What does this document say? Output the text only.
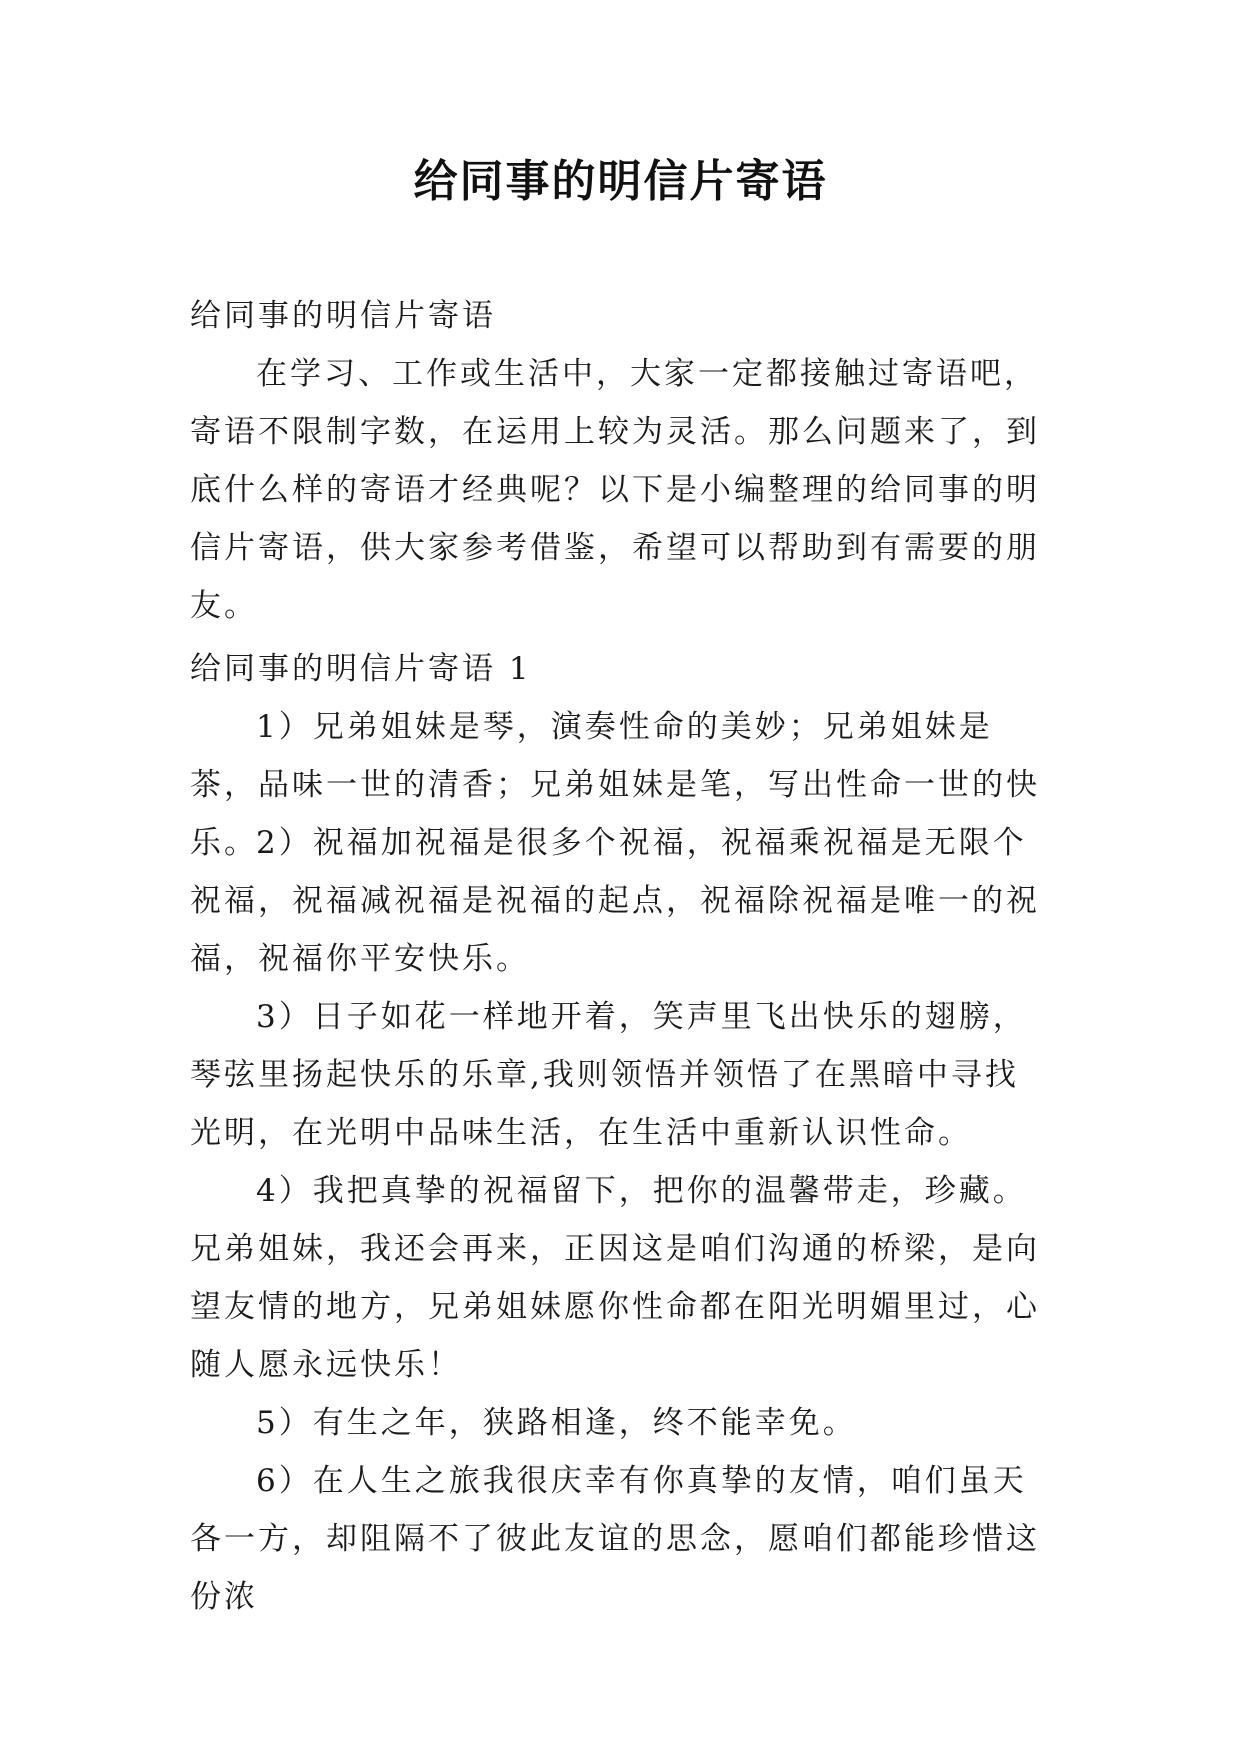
给同事的明信片寄语

给同事的明信片寄语

在学习、工作或生活中，大家一定都接触过寄语吧，寄语不限制字数，在运用上较为灵活。那么问题来了，到底什么样的寄语才经典呢？以下是小编整理的给同事的明信片寄语，供大家参考借鉴，希望可以帮助到有需要的朋友。

给同事的明信片寄语 1

1）兄弟姐妹是琴，演奏性命的美妙；兄弟姐妹是茶，品味一世的清香；兄弟姐妹是笔，写出性命一世的快乐。

2）祝福加祝福是很多个祝福，祝福乘祝福是无限个祝福，祝福减祝福是祝福的起点，祝福除祝福是唯一的祝福，祝福你平安快乐。

3）日子如花一样地开着，笑声里飞出快乐的翅膀，琴弦里扬起快乐的乐章,我则领悟并领悟了在黑暗中寻找光明，在光明中品味生活，在生活中重新认识性命。

4）我把真挚的祝福留下，把你的温馨带走，珍藏。兄弟姐妹，我还会再来，正因这是咱们沟通的桥梁，是向望友情的地方，兄弟姐妹愿你性命都在阳光明媚里过，心随人愿永远快乐！

5）有生之年，狭路相逢，终不能幸免。

6）在人生之旅我很庆幸有你真挚的友情，咱们虽天各一方，却阻隔不了彼此友谊的思念，愿咱们都能珍惜这份浓
